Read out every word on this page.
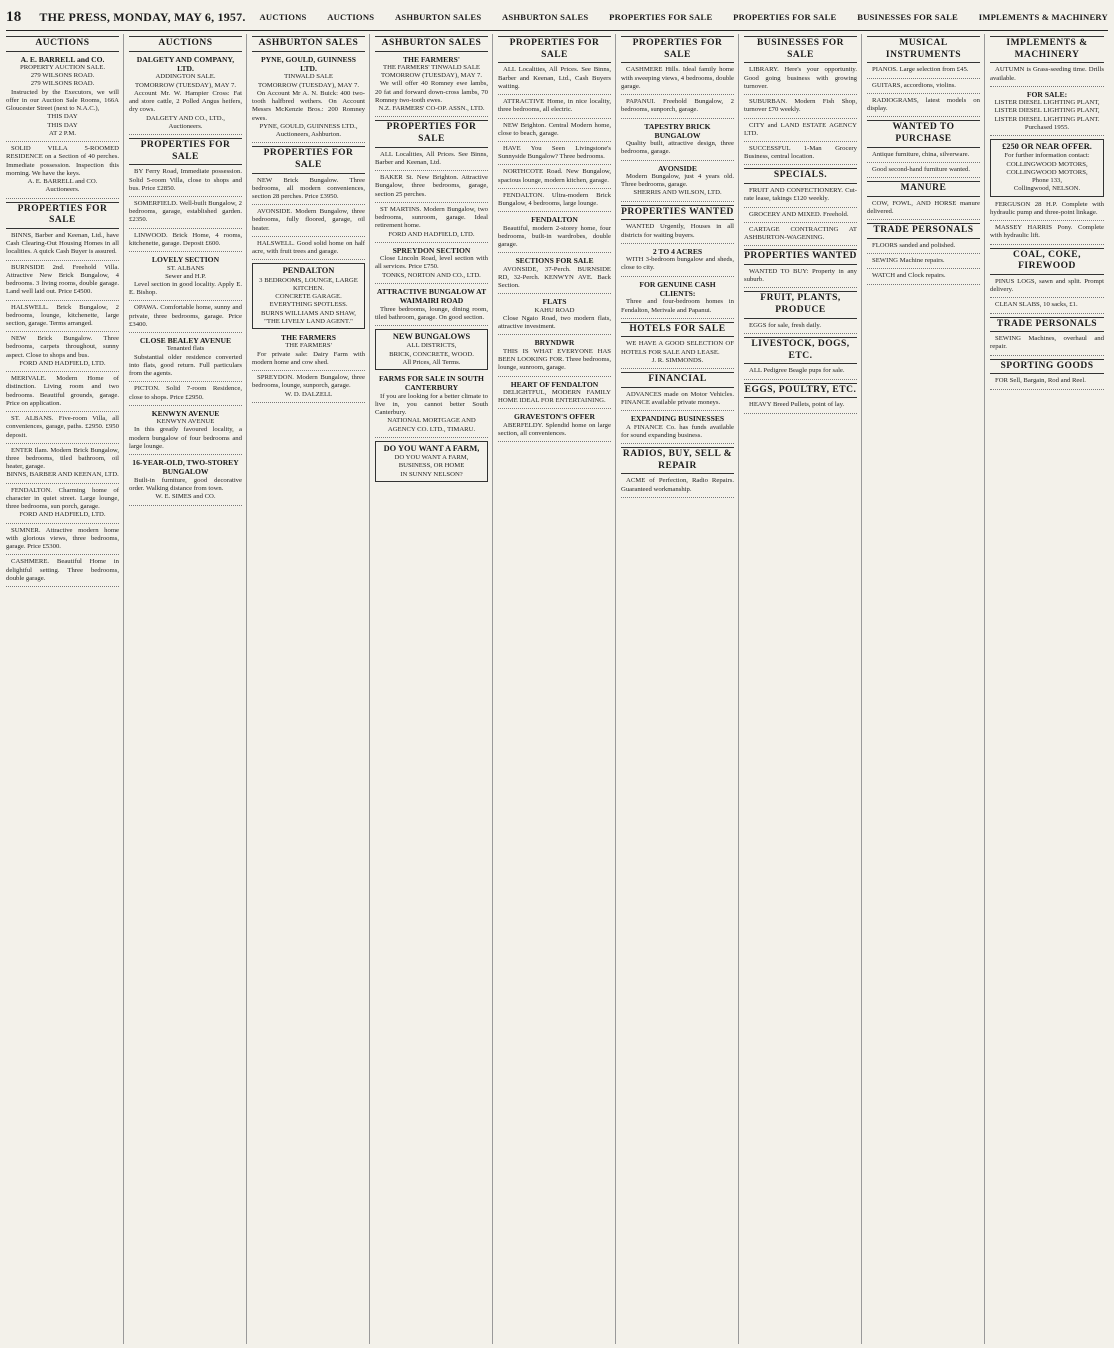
18 THE PRESS, MONDAY, MAY 6, 1957. AUCTIONS AUCTIONS ASHBURTON SALES ASHBURTON SALES PROPERTIES FOR SALE PROPERTIES FOR SALE BUSINESSES FOR SALE IMPLEMENTS & MACHINERY
AUCTIONS
A. E. BARRELL and CO.
PROPERTY AUCTION SALE.
279 WILSONS ROAD.
279 WILSONS ROAD.
Instructed by the Executors, we will offer in our Auction Sale Rooms, 166A Gloucester Street (next to N.A.C.),
THIS DAY
THIS DAY
AT 2 P.M.
SOLID VILLA 5-ROOMED RESIDENCE on a Section of 40 perches. Immediate possession. Inspection this morning. We have the keys.
A. E. BARRELL and CO.
Auctioneers.
PROPERTIES FOR SALE
BINNS, Barber and Keenan, Ltd., have Cash Clearing-Out Housing Homes in all localities. A quick Cash Buyer is assured.
BURNSIDE 2nd. Freehold Villa. Attractive New Brick Bungalow, 4 bedrooms. 3 living rooms, double garage. Land well laid out. Price £4500.
HALSWELL. Brick Bungalow, 2 bedrooms, lounge, kitchenette, large section, garage. Terms arranged.
NEW Brick Bungalow. Three bedrooms, carpets throughout, sunny aspect. Close to shops and bus.
FORD AND HADFIELD, LTD.
MERIVALE. Modern Home of distinction. Living room and two bedrooms. Beautiful grounds, garage. Price on application.
ST. ALBANS. Five-room Villa, all conveniences, garage, paths. £2950. £950 deposit.
ENTER Ilam. Modern Brick Bungalow, three bedrooms, tiled bathroom, oil heater, garage.
BINNS, BARBER AND KEENAN, LTD.
FENDALTON. Charming home of character in quiet street. Large lounge, three bedrooms, sun porch, garage.
FORD AND HADFIELD, LTD.
SUMNER. Attractive modern home with glorious views, three bedrooms, garage. Price £5300.
CASHMERE. Beautiful Home in delightful setting. Three bedrooms, double garage.
AUCTIONS
DALGETY AND COMPANY, LTD.
ADDINGTON SALE.
TOMORROW (TUESDAY), MAY 7.
Account Mr. W. Hampier Cross: Fat and store cattle, 2 Polled Angus heifers, dry cows.
DALGETY AND CO., LTD.,
Auctioneers.
PROPERTIES FOR SALE
BY Ferry Road, Immediate possession. Solid 5-room Villa, close to shops and bus. Price £2850.
SOMERFIELD. Well-built Bungalow, 2 bedrooms, garage, established garden. £2350.
LINWOOD. Brick Home, 4 rooms, kitchenette, garage. Deposit £600.
LOVELY SECTION
ST. ALBANS
Sewer and H.P.
Level section in good locality. Apply E. E. Bishop.
OPAWA. Comfortable home, sunny and private, three bedrooms, garage. Price £3400.
CLOSE BEALEY AVENUE
Tenanted flats
Substantial older residence converted into flats, good return. Full particulars from the agents.
PICTON. Solid 7-room Residence, close to shops. Price £2950.
KENWYN AVENUE
KENWYN AVENUE
In this greatly favoured locality, a modern bungalow of four bedrooms and large lounge.
16-YEAR-OLD, TWO-STOREY BUNGALOW
Built-in furniture, good decorative order. Walking distance from town.
W. E. SIMES and CO.
ASHBURTON SALES
PYNE, GOULD, GUINNESS LTD.
TINWALD SALE
TOMORROW (TUESDAY), MAY 7.
On Account Mr A. N. Buick: 400 two-tooth halfbred wethers. On Account Messrs McKenzie Bros.: 200 Romney ewes.
PYNE, GOULD, GUINNESS LTD.,
Auctioneers, Ashburton.
PROPERTIES FOR SALE
NEW Brick Bungalow. Three bedrooms, all modern conveniences, section 28 perches. Price £3950.
AVONSIDE. Modern Bungalow, three bedrooms, fully floored, garage, oil heater.
HALSWELL. Good solid home on half acre, with fruit trees and garage.
PENDALTON
3 BEDROOMS, LOUNGE, LARGE KITCHEN.
CONCRETE GARAGE.
EVERYTHING SPOTLESS.
BURNS WILLIAMS AND SHAW,
"THE LIVELY LAND AGENT."
THE FARMERS
THE FARMERS'
For private sale: Dairy Farm with modern home and cow shed.
SPREYDON. Modern Bungalow, three bedrooms, lounge, sunporch, garage.
W. D. DALZELL
ASHBURTON SALES
THE FARMERS'
THE FARMERS' TINWALD SALE
TOMORROW (TUESDAY), MAY 7.
We will offer 40 Romney ewe lambs, 20 fat and forward down-cross lambs, 70 Romney two-tooth ewes.
N.Z. FARMERS' CO-OP. ASSN., LTD.
PROPERTIES FOR SALE
ALL Localities, All Prices. See Binns, Barber and Keenan, Ltd.
BAKER St. New Brighton. Attractive Bungalow, three bedrooms, garage, section 25 perches.
ST MARTINS. Modern Bungalow, two bedrooms, sunroom, garage. Ideal retirement home.
FORD AND HADFIELD, LTD.
SPREYDON SECTION
Close Lincoln Road, level section with all services. Price £750.
TONKS, NORTON AND CO., LTD.
ATTRACTIVE BUNGALOW AT WAIMAIRI ROAD
Three bedrooms, lounge, dining room, tiled bathroom, garage. On good section.
NEW BUNGALOWS
ALL DISTRICTS,
BRICK, CONCRETE, WOOD.
All Prices, All Terms.
FARMS FOR SALE IN SOUTH CANTERBURY
If you are looking for a better climate to live in, you cannot better South Canterbury.
NATIONAL MORTGAGE AND AGENCY CO. LTD., TIMARU.
DO YOU WANT A FARM,
DO YOU WANT A FARM,
BUSINESS, OR HOME
IN SUNNY NELSON?
PROPERTIES FOR SALE
ALL Localities, All Prices. See Binns, Barber and Keenan, Ltd., Cash Buyers waiting.
ATTRACTIVE Home, in nice locality, three bedrooms, all electric.
NEW Brighton. Central Modern home, close to beach, garage.
HAVE You Seen Livingstone's Sunnyside Bungalow? Three bedrooms.
NORTHCOTE Road. New Bungalow, spacious lounge, modern kitchen, garage.
FENDALTON. Ultra-modern Brick Bungalow, 4 bedrooms, large lounge.
FENDALTON
Beautiful, modern 2-storey home, four bedrooms, built-in wardrobes, double garage.
SECTIONS FOR SALE
AVONSIDE, 37-Perch. BURNSIDE RD, 32-Perch. KENWYN AVE. Back Section.
FLATS
KAHU ROAD
Close Ngaio Road, two modern flats, attractive investment.
BRYNDWR
THIS IS WHAT EVERYONE HAS BEEN LOOKING FOR. Three bedrooms, lounge, sunroom, garage.
HEART OF FENDALTON
DELIGHTFUL, MODERN FAMILY HOME IDEAL FOR ENTERTAINING.
GRAVESTON'S OFFER
ABERFELDY. Splendid home on large section, all conveniences.
PROPERTIES FOR SALE
CASHMERE Hills. Ideal family home with sweeping views, 4 bedrooms, double garage.
PAPANUI. Freehold Bungalow, 2 bedrooms, sunporch, garage.
TAPESTRY BRICK BUNGALOW
Quality built, attractive design, three bedrooms, garage.
AVONSIDE
Modern Bungalow, just 4 years old. Three bedrooms, garage.
SHERRIS AND WILSON, LTD.
PROPERTIES WANTED
WANTED Urgently, Houses in all districts for waiting buyers.
2 TO 4 ACRES
WITH 3-bedroom bungalow and sheds, close to city.
FOR GENUINE CASH CLIENTS:
Three and four-bedroom homes in Fendalton, Merivale and Papanui.
HOTELS FOR SALE
WE HAVE A GOOD SELECTION OF HOTELS FOR SALE AND LEASE.
J. R. SIMMONDS.
FINANCIAL
ADVANCES made on Motor Vehicles. FINANCE available private moneys.
EXPANDING BUSINESSES
A FINANCE Co. has funds available for sound expanding business.
RADIOS, BUY, SELL & REPAIR
ACME of Perfection, Radio Repairs. Guaranteed workmanship.
BUSINESSES FOR SALE
LIBRARY. Here's your opportunity. Good going business with growing turnover.
SUBURBAN. Modern Fish Shop, turnover £70 weekly.
CITY and LAND ESTATE AGENCY LTD.
SUCCESSFUL 1-Man Grocery Business, central location.
SPECIALS.
FRUIT AND CONFECTIONERY. Cut-rate lease, takings £120 weekly.
GROCERY AND MIXED. Freehold.
CARTAGE CONTRACTING AT ASHBURTON-WAGENING.
PROPERTIES WANTED
WANTED TO BUY: Property in any suburb.
FRUIT, PLANTS, PRODUCE
EGGS for sale, fresh daily.
LIVESTOCK, DOGS, ETC.
ALL Pedigree Beagle pups for sale.
EGGS, POULTRY, ETC.
HEAVY Breed Pullets, point of lay.
MUSICAL INSTRUMENTS
PIANOS. Large selection from £45.
GUITARS, accordions, violins.
RADIOGRAMS, latest models on display.
WANTED TO PURCHASE
Antique furniture, china, silverware.
Good second-hand furniture wanted.
MANURE
COW, FOWL, AND HORSE manure delivered.
TRADE PERSONALS
FLOORS sanded and polished.
SEWING Machine repairs.
WATCH and Clock repairs.
IMPLEMENTS & MACHINERY
AUTUMN is Grass-seeding time. Drills available.
FOR SALE:
LISTER DIESEL LIGHTING PLANT,
LISTER DIESEL LIGHTING PLANT,
LISTER DIESEL LIGHTING PLANT.
Purchased 1955.
£250 OR NEAR OFFER.
For further information contact:
COLLINGWOOD MOTORS,
COLLINGWOOD MOTORS,
Phone 133,
Collingwood, NELSON.
FERGUSON 28 H.P. Complete with hydraulic pump and three-point linkage.
MASSEY HARRIS Pony. Complete with hydraulic lift.
COAL, COKE, FIREWOOD
PINUS LOGS, sawn and split. Prompt delivery.
CLEAN SLABS, 10 sacks, £1.
TRADE PERSONALS
SEWING Machines, overhaul and repair.
SPORTING GOODS
FOR Sell, Bargain, Rod and Reel.
